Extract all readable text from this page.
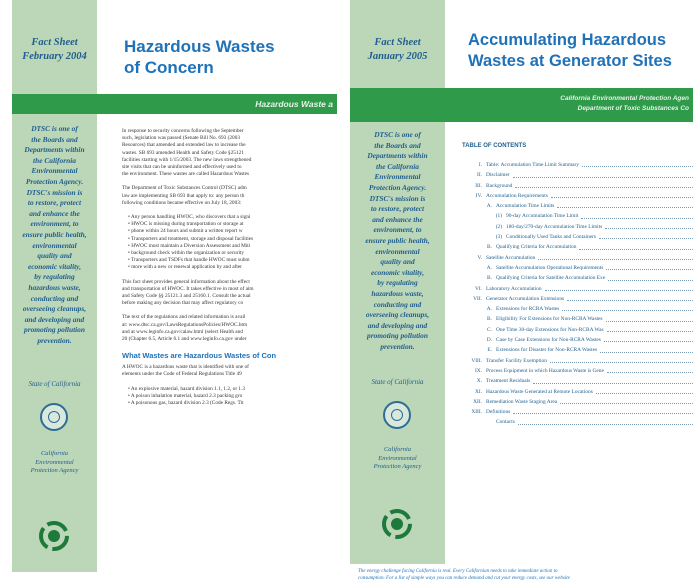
Fact Sheet
February 2004
Hazardous Wastes
of Concern
Hazardous Waste a
DTSC is one of
the Boards and
Departments within
the California
Environmental
Protection Agency.
DTSC's mission is
to restore, protect
and enhance the
environment, to
ensure public health,
environmental
quality and
economic vitality,
by regulating
hazardous waste,
conducting and
overseeing cleanups,
and developing and
promoting pollution
prevention.
State of California
California
Environmental
Protection Agency
In response to security concerns following the September
such, legislation was passed (Senate Bill No. 693 (2003
Resources) that amended and extended law to increase the
wastes. SB 693 amended Health and Safety Code §25121
facilities starting with 1/15/2003. The new laws strengthened
site visits that can be uninformed and effectively used to
the environment. These wastes are called Hazardous Wastes
The Department of Toxic Substances Control (DTSC) adm
law are implementing SB 693 that apply to: any person th
following conditions became effective on July 18, 2003:
• Any person handling HWOC, who discovers that a signi
• HWOC is missing during transportation or storage at
• phone within 24 hours and submit a written report w
• Transporters and treatment, storage and disposal facilities
• HWOC must maintain a Diversion Assessment and Miti
• background check within the organization or security
• Transporters and TSDFs that handle HWOC must subm
• more with a new or renewal application by and after
This fact sheet provides general information about the effect
and transportation of HWOC. It takes effective in most of aim
and Safety Code §§ 25121.3 and 25160.1. Consult the actual
before making any decision that may affect regulatory co
The text of the regulations and related information is avail
at: www.dtsc.ca.gov/LawsRegulationsPolicies/HWOC.htm
and at www.leginfo.ca.gov/calaw.html (select Health and
20 (Chapter 6.5, Article 6.1 and www.leginfo.ca.gov under
What Wastes are Hazardous Wastes of Con
A HWOC is a hazardous waste that is identified with one of
elements under the Code of Federal Regulations Title 49
• An explosive material, hazard division 1.1, 1.2, or 1.3
• A poison inhalation material, hazard 2.3 packing gro
• A poisonous gas, hazard division 2.3 (Code Regs. Tit
Fact Sheet
January 2005
Accumulating Hazardous
Wastes at Generator Sites
California Environmental Protection Agen
Department of Toxic Substances Co
DTSC is one of
the Boards and
Departments within
the California
Environmental
Protection Agency.
DTSC's mission is
to restore, protect
and enhance the
environment, to
ensure public health,
environmental
quality and
economic vitality,
by regulating
hazardous waste,
conducting and
overseeing cleanups,
and developing and
promoting pollution
prevention.
State of California
California
Environmental
Protection Agency
TABLE OF CONTENTS
I. Table: Accumulation Time Limit Summary
II. Disclaimer
III. Background
IV. Accumulation Requirements
A. Accumulation Time Limits
(1) 90-day Accumulation Time Limit
(2) 180-day/270-day Accumulation Time Limits
(3) Conditionally Used Tanks and Containers
B. Qualifying Criteria for Accumulation
V. Satellite Accumulation
A. Satellite Accumulation Operational Requirements
B. Qualifying Criteria for Satellite Accumulation Exe
VI. Laboratory Accumulation
VII. Generator Accumulation Extensions
A. Extensions for RCRA Wastes
B. Eligibility For Extensions for Non-RCRA Wastes
C. One Time 30-day Extensions for Non-RCRA Was
D. Case by Case Extensions for Non-RCRA Wastes
E. Extensions for Disaster for Non-RCRA Wastes
VIII. Transfer Facility Exemption
IX. Process Equipment in which Hazardous Waste is Gene
X. Treatment Residuals
XI. Hazardous Waste Generated at Remote Locations
XII. Remediation Waste Staging Area
XIII. Definitions
Contacts
The energy challenge facing California is real. Every Californian needs to take immediate action to
consumption. For a list of simple ways you can reduce demand and cut your energy costs, see our website
